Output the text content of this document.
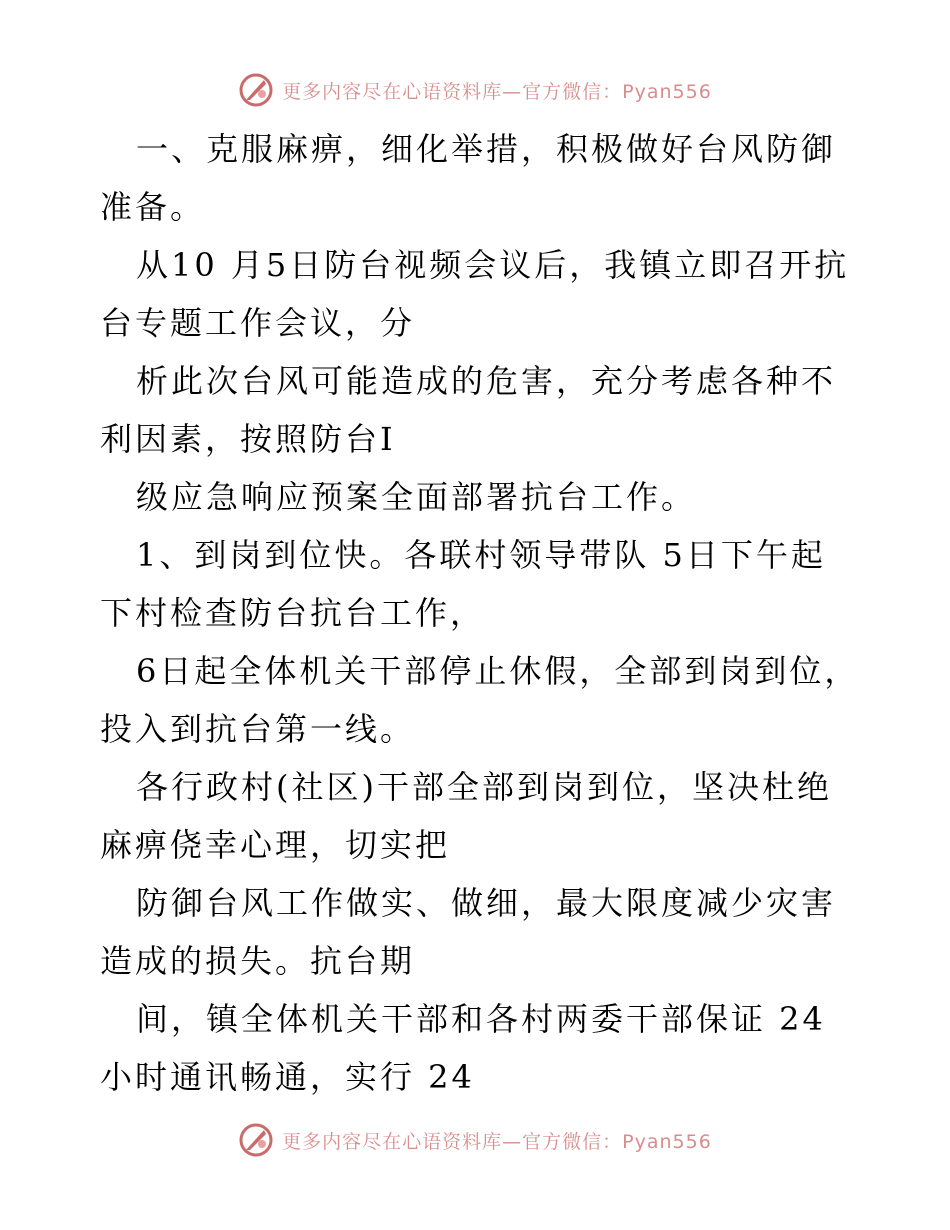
更多内容尽在心语资料库—官方微信：Pyan556

一、克服麻痹，细化举措，积极做好台风防御准备。

从10 月5日防台视频会议后，我镇立即召开抗台专题工作会议，分

析此次台风可能造成的危害，充分考虑各种不利因素，按照防台Ⅰ

级应急响应预案全面部署抗台工作。

1、到岗到位快。各联村领导带队 5日下午起下村检查防台抗台工作，

6日起全体机关干部停止休假，全部到岗到位，投入到抗台第一线。

各行政村(社区)干部全部到岗到位，坚决杜绝麻痹侥幸心理，切实把

防御台风工作做实、做细，最大限度减少灾害造成的损失。抗台期

间，镇全体机关干部和各村两委干部保证 24 小时通讯畅通，实行 24

更多内容尽在心语资料库—官方微信：Pyan556
